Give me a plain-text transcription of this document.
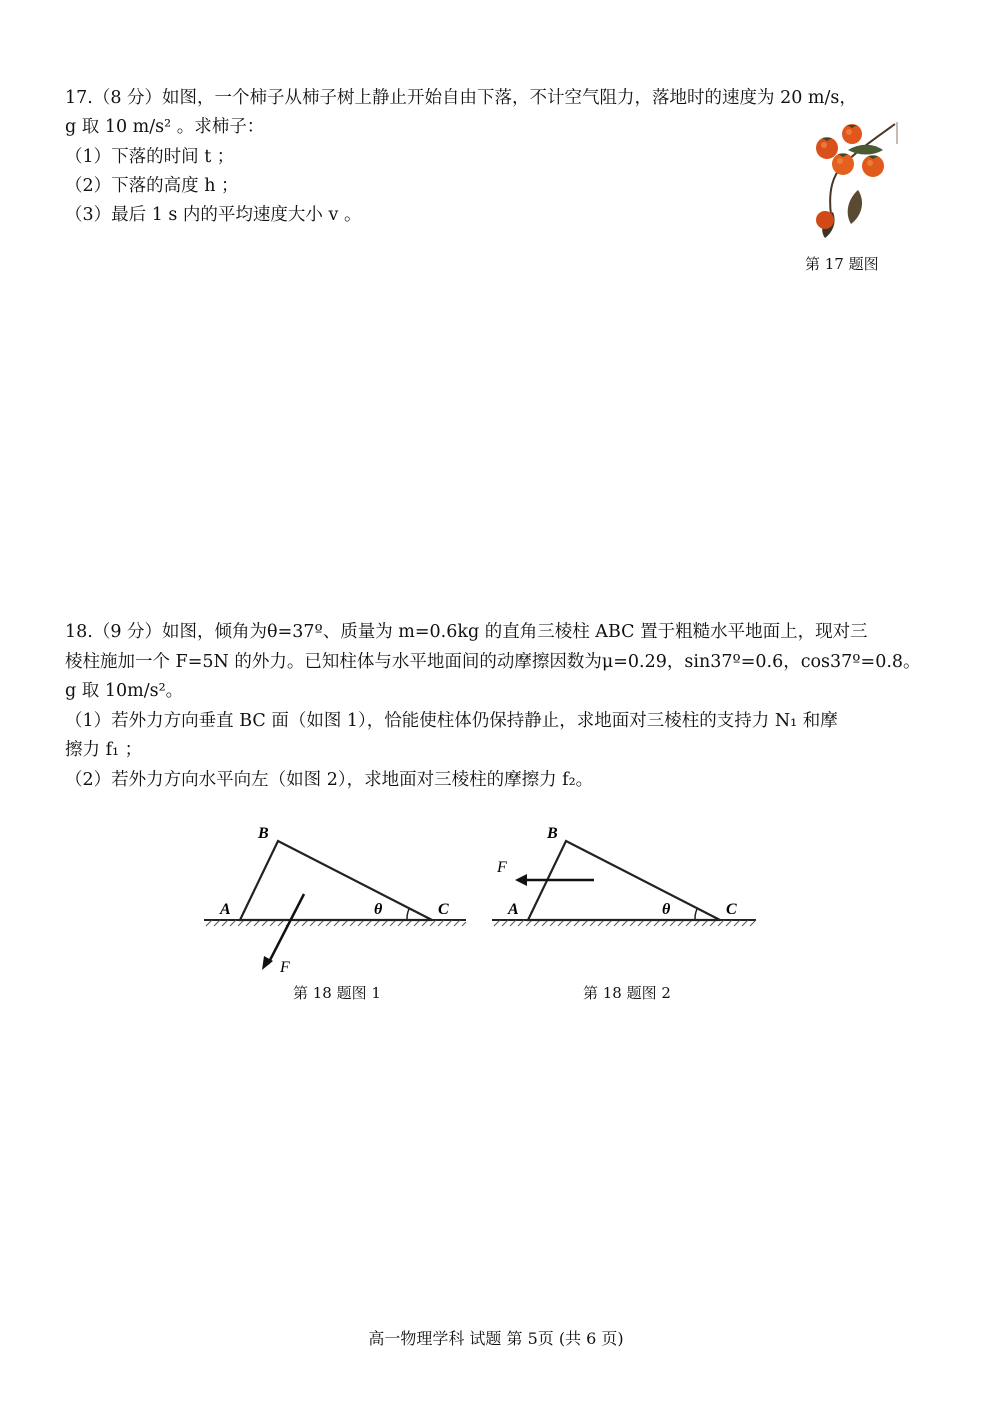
17.（8 分）如图，一个柿子从柿子树上静止开始自由下落，不计空气阻力，落地时的速度为 20 m/s，
g 取 10 m/s² 。求柿子：
（1）下落的时间 t ；
（2）下落的高度 h ；
（3）最后 1 s 内的平均速度大小 v 。
第 17 题图
18.（9 分）如图，倾角为θ=37º、质量为 m=0.6kg 的直角三棱柱 ABC 置于粗糙水平地面上，现对三
棱柱施加一个 F=5N 的外力。已知柱体与水平地面间的动摩擦因数为μ=0.29，sin37º=0.6，cos37º=0.8。
g 取 10m/s²。
（1）若外力方向垂直 BC 面（如图 1），恰能使柱体仍保持静止，求地面对三棱柱的支持力 N₁ 和摩
擦力 f₁ ；
（2）若外力方向水平向左（如图 2），求地面对三棱柱的摩擦力 f₂。
B
A	C
θ
F
第 18 题图 1
B
A	C
θ
F
第 18 题图 2
高一物理学科 试题 第 5页 (共 6 页)
